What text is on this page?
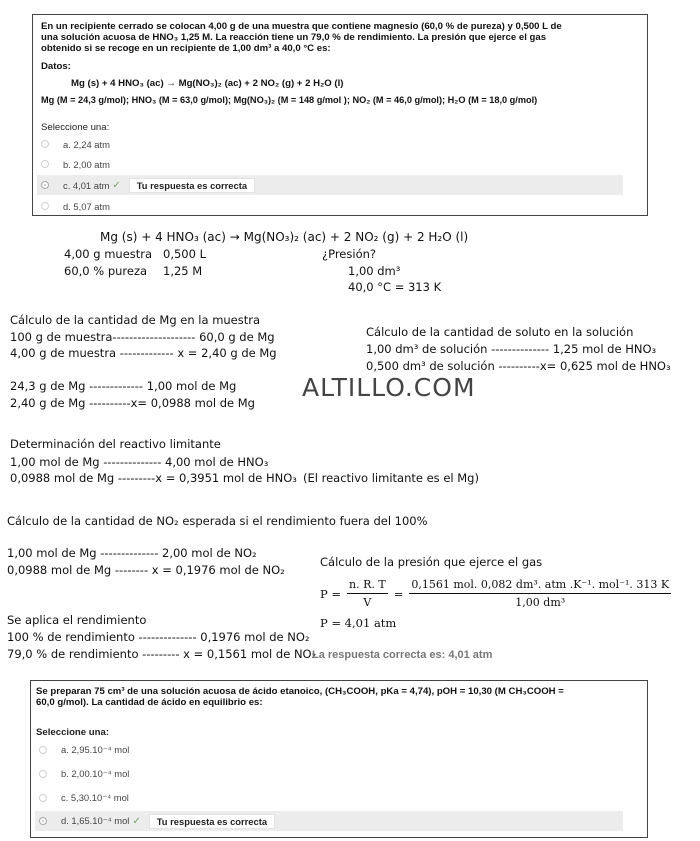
En un recipiente cerrado se colocan 4,00 g de una muestra que contiene magnesio (60,0 % de pureza) y 0,500 L de
una solución acuosa de HNO₃ 1,25 M. La reacción tiene un 79,0 % de rendimiento. La presión que ejerce el gas
obtenido si se recoge en un recipiente de 1,00 dm³ a 40,0 °C es:
Datos:
Mg (s) + 4 HNO₃ (ac) → Mg(NO₃)₂ (ac) + 2 NO₂ (g) + 2 H₂O (l)
Mg (M = 24,3 g/mol); HNO₃ (M = 63,0 g/mol); Mg(NO₃)₂ (M = 148 g/mol ); NO₂ (M = 46,0 g/mol); H₂O (M = 18,0 g/mol)
Seleccione una:
a. 2,24 atm
b. 2,00 atm
c. 4,01 atm ✓	Tu respuesta es correcta
d. 5,07 atm
Mg (s) + 4 HNO₃ (ac) → Mg(NO₃)₂ (ac) + 2 NO₂ (g) + 2 H₂O (l)
4,00 g muestra 0,500 L	¿Presión?
60,0 % pureza 1,25 M	1,00 dm³
40,0 °C = 313 K
Cálculo de la cantidad de Mg en la muestra
100 g de muestra-------------------- 60,0 g de Mg
4,00 g de muestra ------------- x = 2,40 g de Mg
Cálculo de la cantidad de soluto en la solución
1,00 dm³ de solución -------------- 1,25 mol de HNO₃
0,500 dm³ de solución ----------x= 0,625 mol de HNO₃
24,3 g de Mg ------------- 1,00 mol de Mg
2,40 g de Mg ----------x= 0,0988 mol de Mg
ALTILLO.COM
Determinación del reactivo limitante
1,00 mol de Mg -------------- 4,00 mol de HNO₃
0,0988 mol de Mg ---------x = 0,3951 mol de HNO₃ (El reactivo limitante es el Mg)
Cálculo de la cantidad de NO₂ esperada si el rendimiento fuera del 100%
1,00 mol de Mg -------------- 2,00 mol de NO₂
0,0988 mol de Mg -------- x = 0,1976 mol de NO₂
Cálculo de la presión que ejerce el gas
$P = \frac{n. R. T}{V} = \frac{\text{0,1561 mol. 0,082 dm³. atm .K⁻¹. mol⁻¹. 313 K}}{\text{1,00 dm³}}$
P = 4,01 atm
Se aplica el rendimiento
100 % de rendimiento -------------- 0,1976 mol de NO₂
79,0 % de rendimiento --------- x = 0,1561 mol de NO₂
La respuesta correcta es: 4,01 atm
Se preparan 75 cm³ de una solución acuosa de ácido etanoico, (CH₃COOH, pKa = 4,74), pOH = 10,30 (M CH₃COOH =
60,0 g/mol). La cantidad de ácido en equilibrio es:
Seleccione una:
a. 2,95.10⁻⁴ mol
b. 2,00.10⁻⁴ mol
c. 5,30.10⁻⁴ mol
d. 1,65.10⁻⁴ mol ✓	Tu respuesta es correcta
